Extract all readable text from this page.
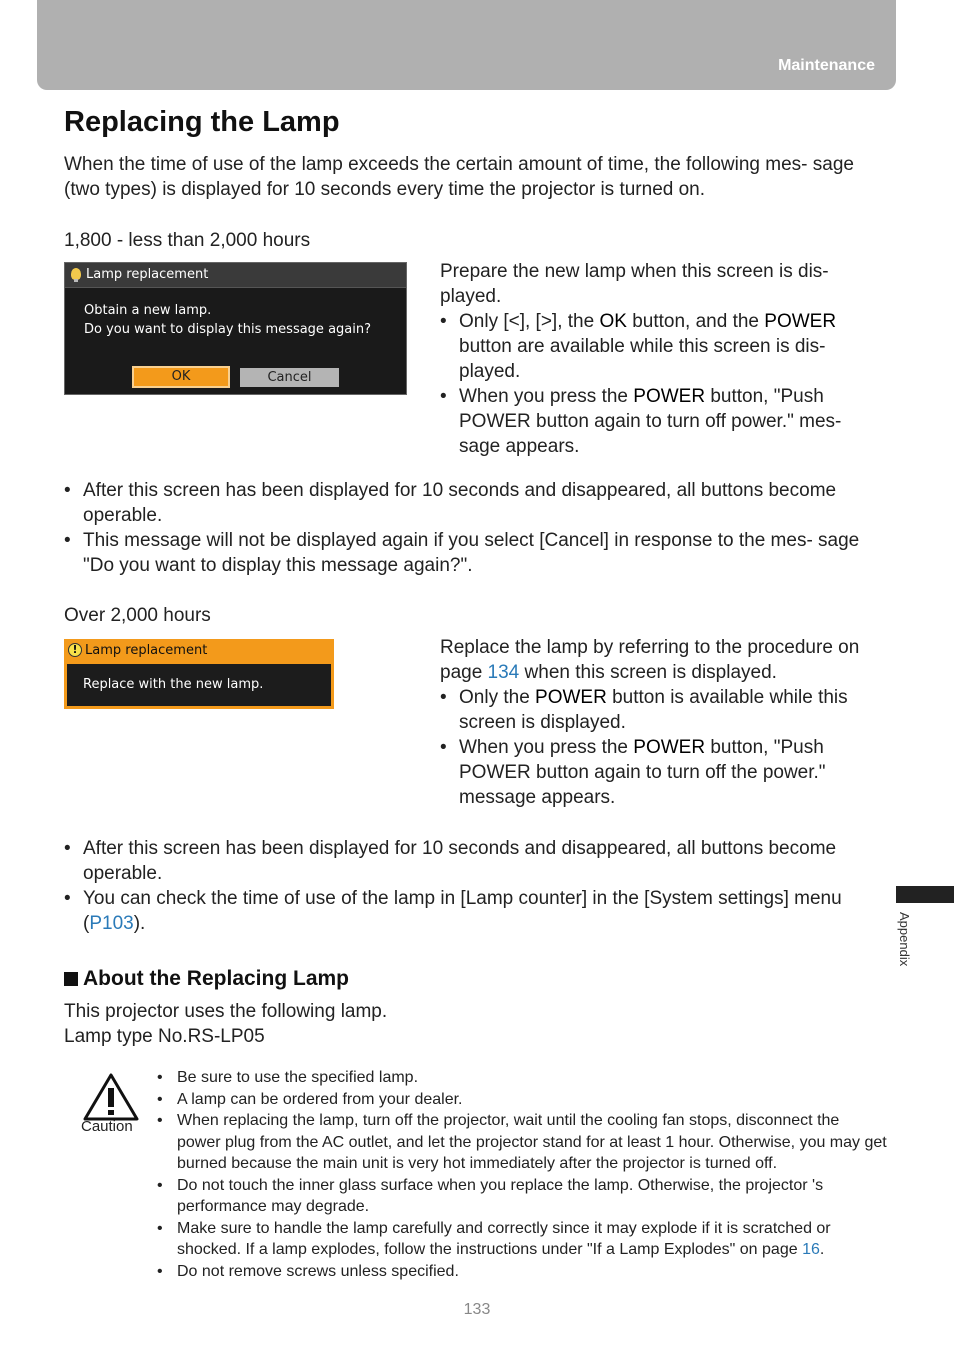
Maintenance
Replacing the Lamp

When the time of use of the lamp exceeds the certain amount of time, the following mes- sage (two types) is displayed for 10 seconds every time the projector is turned on.

1,800 - less than 2,000 hours

Lamp replacement
Obtain a new lamp.
Do you want to display this message again?
OK	Cancel

Prepare the new lamp when this screen is dis- played.

• Only [<], [>], the OK button, and the POWER button are available while this screen is dis- played.
• When you press the POWER button, "Push POWER button again to turn off power." mes- sage appears.
• After this screen has been displayed for 10 seconds and disappeared, all buttons become operable.
• This message will not be displayed again if you select [Cancel] in response to the mes- sage "Do you want to display this message again?".

Over 2,000 hours

! Lamp replacement
Replace with the new lamp.

Replace the lamp by referring to the procedure on page 134 when this screen is displayed.

• Only the POWER button is available while this screen is displayed.
• When you press the POWER button, "Push POWER button again to turn off the power." message appears.
• After this screen has been displayed for 10 seconds and disappeared, all buttons become operable.
• You can check the time of use of the lamp in [Lamp counter] in the [System settings] menu (P103).
About the Replacing Lamp

This projector uses the following lamp.

Lamp type No.RS-LP05

Caution
• Be sure to use the specified lamp.
• A lamp can be ordered from your dealer.
• When replacing the lamp, turn off the projector, wait until the cooling fan stops, disconnect the power plug from the AC outlet, and let the projector stand for at least 1 hour. Otherwise, you may get burned because the main unit is very hot immediately after the projector is turned off.
• Do not touch the inner glass surface when you replace the lamp. Otherwise, the projector 's performance may degrade.
• Make sure to handle the lamp carefully and correctly since it may explode if it is scratched or shocked. If a lamp explodes, follow the instructions under "If a Lamp Explodes" on page 16.
• Do not remove screws unless specified.
Appendix
133
